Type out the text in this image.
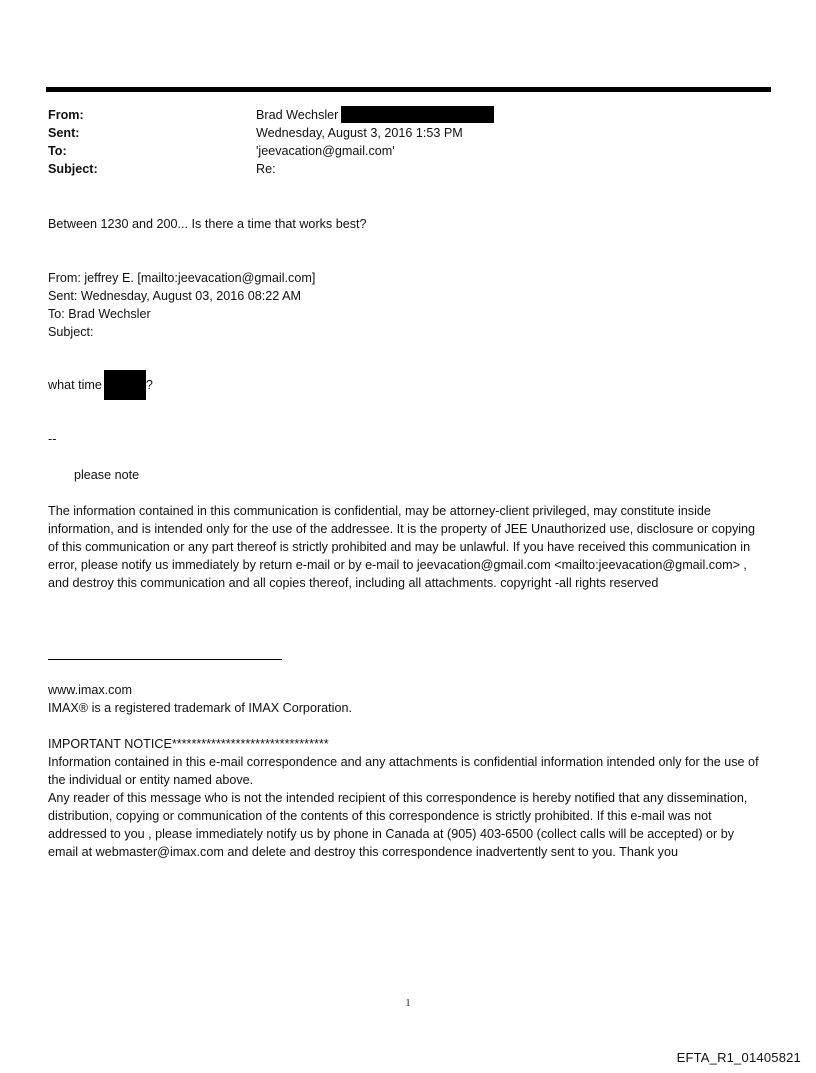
From:	Brad Wechsler
Sent:	Wednesday, August 3, 2016 1:53 PM
To:	'jeevacation@gmail.com'
Subject:	Re:
Between 1230 and 200... Is there a time that works best?
From: jeffrey E. [mailto:jeevacation@gmail.com]
Sent: Wednesday, August 03, 2016 08:22 AM
To: Brad Wechsler
Subject:
what time	?
--
please note
The information contained in this communication is confidential, may be attorney-client privileged, may constitute inside information, and is intended only for the use of the addressee. It is the property of JEE Unauthorized use, disclosure or copying of this communication or any part thereof is strictly prohibited and may be unlawful. If you have received this communication in error, please notify us immediately by return e-mail or by e-mail to jeevacation@gmail.com <mailto:jeevacation@gmail.com> , and destroy this communication and all copies thereof, including all attachments. copyright -all rights reserved
www.imax.com
IMAX® is a registered trademark of IMAX Corporation.
IMPORTANT NOTICE********************************

Information contained in this e-mail correspondence and any attachments is confidential information intended only for the use of the individual or entity named above.

Any reader of this message who is not the intended recipient of this correspondence is hereby notified that any dissemination, distribution, copying or communication of the contents of this correspondence is strictly prohibited. If this e-mail was not addressed to you , please immediately notify us by phone in Canada at (905) 403-6500 (collect calls will be accepted) or by email at webmaster@imax.com and delete and destroy this correspondence inadvertently sent to you. Thank you

1
EFTA_R1_01405821
